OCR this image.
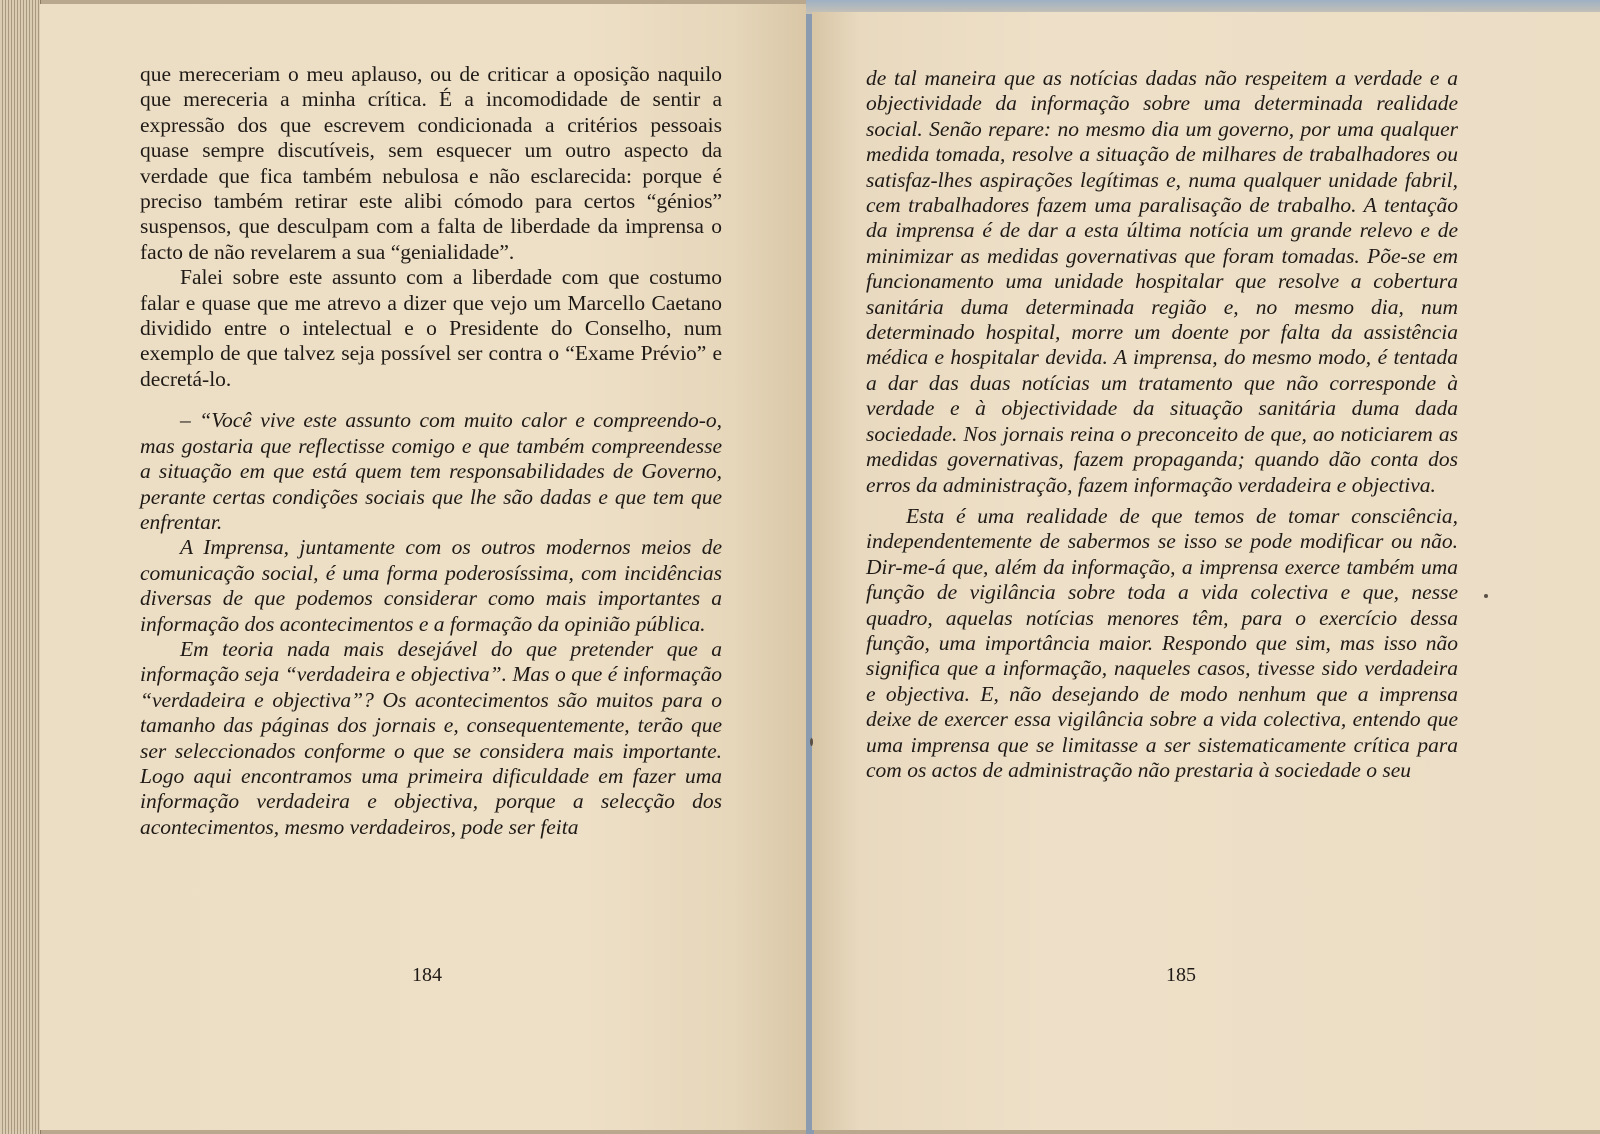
que mereceriam o meu aplauso, ou de criticar a oposição naquilo que mereceria a minha crítica. É a incomodidade de sentir a expressão dos que escrevem condicionada a critérios pessoais quase sempre discutíveis, sem esquecer um outro aspecto da verdade que fica também nebulosa e não esclarecida: porque é preciso também retirar este alibi cómodo para certos “génios” suspensos, que desculpam com a falta de liberdade da imprensa o facto de não revelarem a sua “genialidade”.

Falei sobre este assunto com a liberdade com que costumo falar e quase que me atrevo a dizer que vejo um Marcello Caetano dividido entre o intelectual e o Presidente do Conselho, num exemplo de que talvez seja possível ser contra o “Exame Prévio” e decretá-lo.

– “Você vive este assunto com muito calor e compreendo-o, mas gostaria que reflectisse comigo e que também compreendesse a situação em que está quem tem responsabilidades de Governo, perante certas condições sociais que lhe são dadas e que tem que enfrentar.

A Imprensa, juntamente com os outros modernos meios de comunicação social, é uma forma poderosíssima, com incidências diversas de que podemos considerar como mais importantes a informação dos acontecimentos e a formação da opinião pública.

Em teoria nada mais desejável do que pretender que a informação seja “verdadeira e objectiva”. Mas o que é informação “verdadeira e objectiva”? Os acontecimentos são muitos para o tamanho das páginas dos jornais e, consequentemente, terão que ser seleccionados conforme o que se considera mais importante. Logo aqui encontramos uma primeira dificuldade em fazer uma informação verdadeira e objectiva, porque a selecção dos acontecimentos, mesmo verdadeiros, pode ser feita

de tal maneira que as notícias dadas não respeitem a verdade e a objectividade da informação sobre uma determinada realidade social. Senão repare: no mesmo dia um governo, por uma qualquer medida tomada, resolve a situação de milhares de trabalhadores ou satisfaz-lhes aspirações legítimas e, numa qualquer unidade fabril, cem trabalhadores fazem uma paralisação de trabalho. A tentação da imprensa é de dar a esta última notícia um grande relevo e de minimizar as medidas governativas que foram tomadas. Põe-se em funcionamento uma unidade hospitalar que resolve a cobertura sanitária duma determinada região e, no mesmo dia, num determinado hospital, morre um doente por falta da assistência médica e hospitalar devida. A imprensa, do mesmo modo, é tentada a dar das duas notícias um tratamento que não corresponde à verdade e à objectividade da situação sanitária duma dada sociedade. Nos jornais reina o preconceito de que, ao noticiarem as medidas governativas, fazem propaganda; quando dão conta dos erros da administração, fazem informação verdadeira e objectiva.

Esta é uma realidade de que temos de tomar consciência, independentemente de sabermos se isso se pode modificar ou não. Dir-me-á que, além da informação, a imprensa exerce também uma função de vigilância sobre toda a vida colectiva e que, nesse quadro, aquelas notícias menores têm, para o exercício dessa função, uma importância maior. Respondo que sim, mas isso não significa que a informação, naqueles casos, tivesse sido verdadeira e objectiva. E, não desejando de modo nenhum que a imprensa deixe de exercer essa vigilância sobre a vida colectiva, entendo que uma imprensa que se limitasse a ser sistematicamente crítica para com os actos de administração não prestaria à sociedade o seu

184	185
